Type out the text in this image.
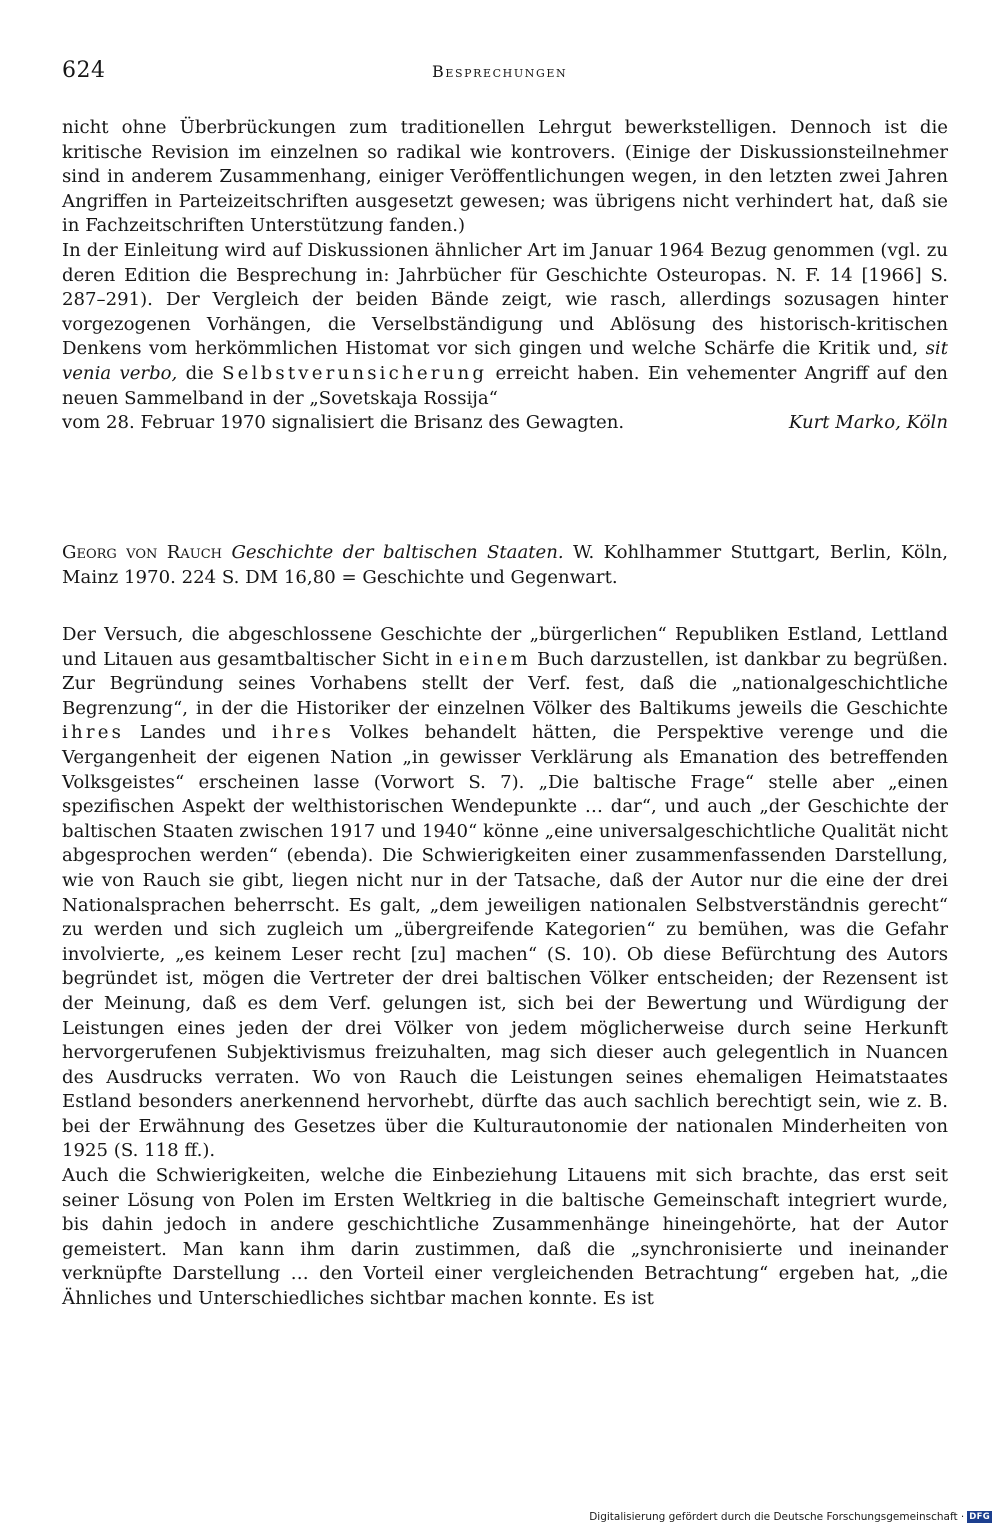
624	Besprechungen

nicht ohne Überbrückungen zum traditionellen Lehrgut bewerkstelligen. Dennoch ist die kritische Revision im einzelnen so radikal wie kontrovers. (Einige der Diskussionsteilnehmer sind in anderem Zusammenhang, einiger Veröffentlichungen wegen, in den letzten zwei Jahren Angriffen in Parteizeitschriften ausgesetzt gewesen; was übrigens nicht verhindert hat, daß sie in Fachzeitschriften Unterstützung fanden.)

In der Einleitung wird auf Diskussionen ähnlicher Art im Januar 1964 Bezug genommen (vgl. zu deren Edition die Besprechung in: Jahrbücher für Geschichte Osteuropas. N. F. 14 [1966] S. 287–291). Der Vergleich der beiden Bände zeigt, wie rasch, allerdings sozusagen hinter vorgezogenen Vorhängen, die Verselbständigung und Ablösung des historisch-kritischen Denkens vom herkömmlichen Histomat vor sich gingen und welche Schärfe die Kritik und, sit venia verbo, die Selbstverunsicherung erreicht haben. Ein vehementer Angriff auf den neuen Sammelband in der „Sovetskaja Rossija“

vom 28. Februar 1970 signalisiert die Brisanz des Gewagten.	Kurt Marko, Köln

Georg von Rauch Geschichte der baltischen Staaten. W. Kohlhammer Stuttgart, Berlin, Köln, Mainz 1970. 224 S. DM 16,80 = Geschichte und Gegenwart.

Der Versuch, die abgeschlossene Geschichte der „bürgerlichen“ Republiken Estland, Lettland und Litauen aus gesamtbaltischer Sicht in einem Buch darzustellen, ist dankbar zu begrüßen. Zur Begründung seines Vorhabens stellt der Verf. fest, daß die „nationalgeschichtliche Begrenzung“, in der die Historiker der einzelnen Völker des Baltikums jeweils die Geschichte ihres Landes und ihres Volkes behandelt hätten, die Perspektive verenge und die Vergangenheit der eigenen Nation „in gewisser Verklärung als Emanation des betreffenden Volksgeistes“ erscheinen lasse (Vorwort S. 7). „Die baltische Frage“ stelle aber „einen spezifischen Aspekt der welthistorischen Wendepunkte … dar“, und auch „der Geschichte der baltischen Staaten zwischen 1917 und 1940“ könne „eine universalgeschichtliche Qualität nicht abgesprochen werden“ (ebenda). Die Schwierigkeiten einer zusammenfassenden Darstellung, wie von Rauch sie gibt, liegen nicht nur in der Tatsache, daß der Autor nur die eine der drei Nationalsprachen beherrscht. Es galt, „dem jeweiligen nationalen Selbstverständnis gerecht“ zu werden und sich zugleich um „übergreifende Kategorien“ zu bemühen, was die Gefahr involvierte, „es keinem Leser recht [zu] machen“ (S. 10). Ob diese Befürchtung des Autors begründet ist, mögen die Vertreter der drei baltischen Völker entscheiden; der Rezensent ist der Meinung, daß es dem Verf. gelungen ist, sich bei der Bewertung und Würdigung der Leistungen eines jeden der drei Völker von jedem möglicherweise durch seine Herkunft hervorgerufenen Subjektivismus freizuhalten, mag sich dieser auch gelegentlich in Nuancen des Ausdrucks verraten. Wo von Rauch die Leistungen seines ehemaligen Heimatstaates Estland besonders anerkennend hervorhebt, dürfte das auch sachlich berechtigt sein, wie z. B. bei der Erwähnung des Gesetzes über die Kulturautonomie der nationalen Minderheiten von 1925 (S. 118 ff.).

Auch die Schwierigkeiten, welche die Einbeziehung Litauens mit sich brachte, das erst seit seiner Lösung von Polen im Ersten Weltkrieg in die baltische Gemeinschaft integriert wurde, bis dahin jedoch in andere geschichtliche Zusammenhänge hineingehörte, hat der Autor gemeistert. Man kann ihm darin zustimmen, daß die „synchronisierte und ineinander verknüpfte Darstellung … den Vorteil einer vergleichenden Betrachtung“ ergeben hat, „die Ähnliches und Unterschiedliches sichtbar machen konnte. Es ist

Digitalisierung gefördert durch die Deutsche Forschungsgemeinschaft · DFG
